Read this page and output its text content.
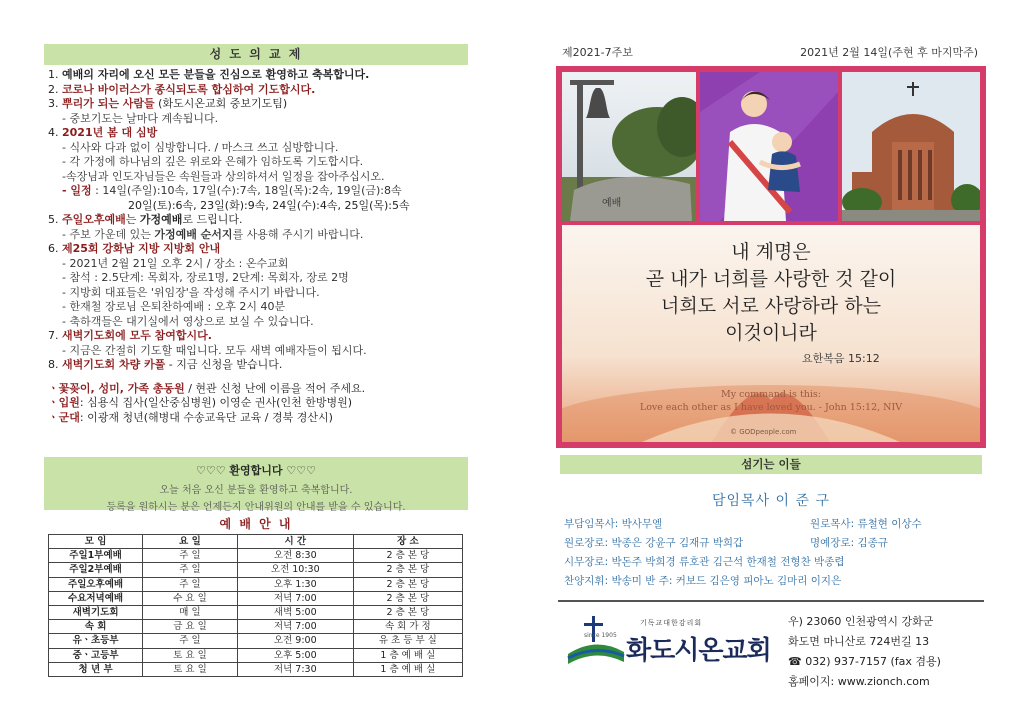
성 도 의 교 제
1. 예배의 자리에 오신 모든 분들을 진심으로 환영하고 축복합니다.
2. 코로나 바이러스가 종식되도록 합심하여 기도합시다.
3. 뿌리가 되는 사람들 (화도시온교회 중보기도팀)
- 중보기도는 날마다 계속됩니다.
4. 2021년 봄 대 심방
- 식사와 다과 없이 심방합니다. / 마스크 쓰고 심방합니다.
- 각 가정에 하나님의 깊은 위로와 은혜가 임하도록 기도합시다.
-속장님과 인도자님들은 속원들과 상의하셔서 일정을 잡아주십시오.
- 일정 : 14일(주일):10속, 17일(수):7속, 18일(목):2속, 19일(금):8속
20일(토):6속, 23일(화):9속, 24일(수):4속, 25일(목):5속
5. 주일오후예배는 가정예배로 드립니다.
- 주보 가운데 있는 가정예배 순서지를 사용해 주시기 바랍니다.
6. 제25회 강화남 지방 지방회 안내
- 2021년 2월 21일 오후 2시 / 장소 : 온수교회
- 참석 : 2.5단계: 목회자, 장로1명, 2단계: 목회자, 장로 2명
- 지방회 대표들은 '위임장'을 작성해 주시기 바랍니다.
- 한재철 장로님 은퇴찬하예배 : 오후 2시 40분
- 축하객들은 대기실에서 영상으로 보실 수 있습니다.
7. 새벽기도회에 모두 참여합시다.
- 지금은 간절히 기도할 때입니다. 모두 새벽 예배자들이 됩시다.
8. 새벽기도회 차량 카풀 - 지금 신청을 받습니다.
ㆍ꽃꽂이, 성미, 가족 총동원 / 현관 신청 난에 이름을 적어 주세요.
ㆍ입원: 심용식 집사(일산중심병원) 이영순 권사(인천 한방병원)
ㆍ군대: 이광재 청년(해병대 수송교육단 교육 / 경북 경산시)
♡♡♡ 환영합니다 ♡♡♡
오늘 처음 오신 분들을 환영하고 축복합니다.
등록을 원하시는 분은 언제든지 안내위원의 안내를 받을 수 있습니다.
예 배 안 내
모 임	요 일	시 간	장 소
주일1부예배	주 일	오전 8:30	2 층 본 당
주일2부예배	주 일	오전 10:30	2 층 본 당
주일오후예배	주 일	오후 1:30	2 층 본 당
수요저녁예배	수 요 일	저녁 7:00	2 층 본 당
새벽기도회	매 일	새벽 5:00	2 층 본 당
속 회	금 요 일	저녁 7:00	속 회 가 정
유ㆍ초등부	주 일	오전 9:00	유 초 등 부 실
중ㆍ고등부	토 요 일	오후 5:00	1 층 예 배 실
청 년 부	토 요 일	저녁 7:30	1 층 예 배 실
제2021-7주보	2021년 2월 14일(주현 후 마지막주)
예배
내 계명은
곧 내가 너희를 사랑한 것 같이
너희도 서로 사랑하라 하는
이것이니라
요한복음 15:12
My command is this:
Love each other as I have loved you. - John 15:12, NIV
© GODpeople.com
섬기는 이들
담임목사 이 준 구
부담임목사: 박사무엘	원로목사: 류철현 이상수
원로장로: 박종은 강윤구 김재규 박희갑	명예장로: 김종규
시무장로: 박돈주 박희경 류호관 김근석 한재철 전형찬 박종렵
찬양지휘: 박송미 반 주: 커보드 김은영 피아노 김마리 이지은
since 1905
기독교대한감리회
화도시온교회
우) 23060 인천광역시 강화군
화도면 마니산로 724번길 13
☎ 032) 937-7157 (fax 겸용)
홈페이지: www.zionch.com
